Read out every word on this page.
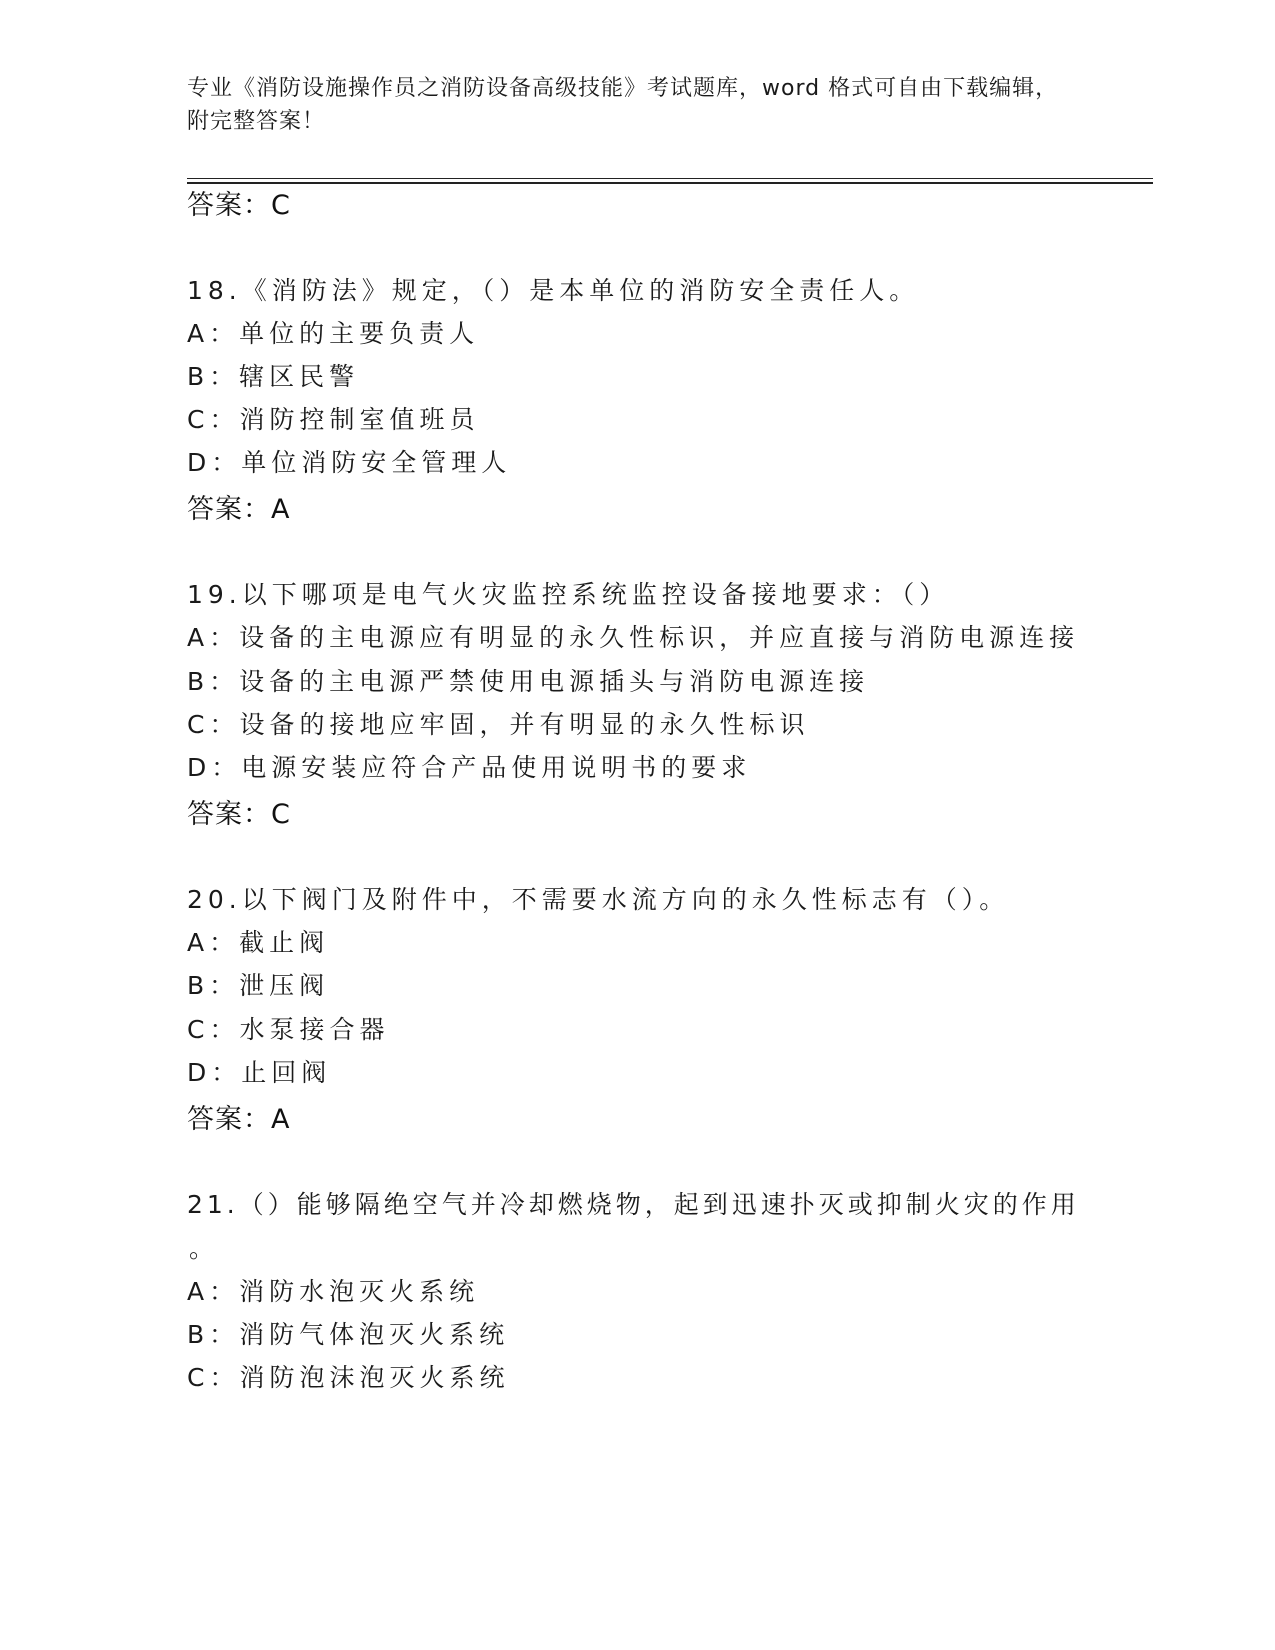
专业《消防设施操作员之消防设备高级技能》考试题库，word 格式可自由下载编辑，附完整答案！
答案：C
18.《消防法》规定，（）是本单位的消防安全责任人。
A：单位的主要负责人
B：辖区民警
C：消防控制室值班员
D：单位消防安全管理人
答案：A
19.以下哪项是电气火灾监控系统监控设备接地要求：（）
A：设备的主电源应有明显的永久性标识，并应直接与消防电源连接
B：设备的主电源严禁使用电源插头与消防电源连接
C：设备的接地应牢固，并有明显的永久性标识
D：电源安装应符合产品使用说明书的要求
答案：C
20.以下阀门及附件中，不需要水流方向的永久性标志有（）。
A：截止阀
B：泄压阀
C：水泵接合器
D：止回阀
答案：A
21.（）能够隔绝空气并冷却燃烧物，起到迅速扑灭或抑制火灾的作用
。
A：消防水泡灭火系统
B：消防气体泡灭火系统
C：消防泡沫泡灭火系统
